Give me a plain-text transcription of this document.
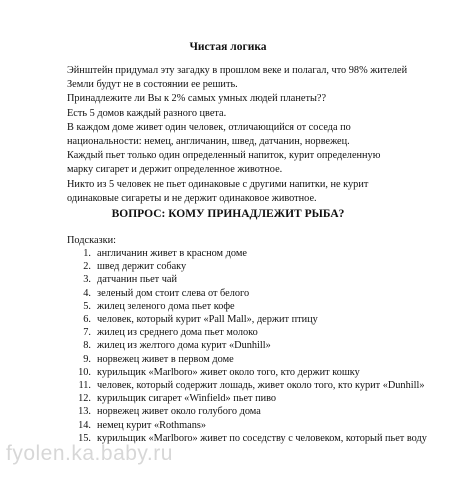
Чистая логика
Эйнштейн придумал эту загадку в прошлом веке и полагал, что 98% жителей
Земли будут не в состоянии ее решить.
Принадлежите ли Вы к 2% самых умных людей планеты??
Есть 5 домов каждый разного цвета.
В каждом доме живет один человек, отличающийся от соседа по
национальности: немец, англичанин, швед, датчанин, норвежец.
Каждый пьет только один определенный напиток, курит определенную
марку сигарет и держит определенное животное.
Никто из 5 человек не пьет одинаковые с другими напитки, не курит
одинаковые сигареты и не держит одинаковое животное.
ВОПРОС: КОМУ ПРИНАДЛЕЖИТ РЫБА?
Подсказки:
1. англичанин живет в красном доме
2. швед держит собаку
3. датчанин пьет чай
4. зеленый дом стоит слева от белого
5. жилец зеленого дома пьет кофе
6. человек, который курит «Pall Mall», держит птицу
7. жилец из среднего дома пьет молоко
8. жилец из желтого дома курит «Dunhill»
9. норвежец живет в первом доме
10. курильщик «Marlboro» живет около того, кто держит кошку
11. человек, который содержит лошадь, живет около того, кто курит «Dunhill»
12. курильщик сигарет «Winfield» пьет пиво
13. норвежец живет около голубого дома
14. немец курит «Rothmans»
15. курильщик «Marlboro» живет по соседству с человеком, который пьет воду
fyolen.ka.baby.ru
